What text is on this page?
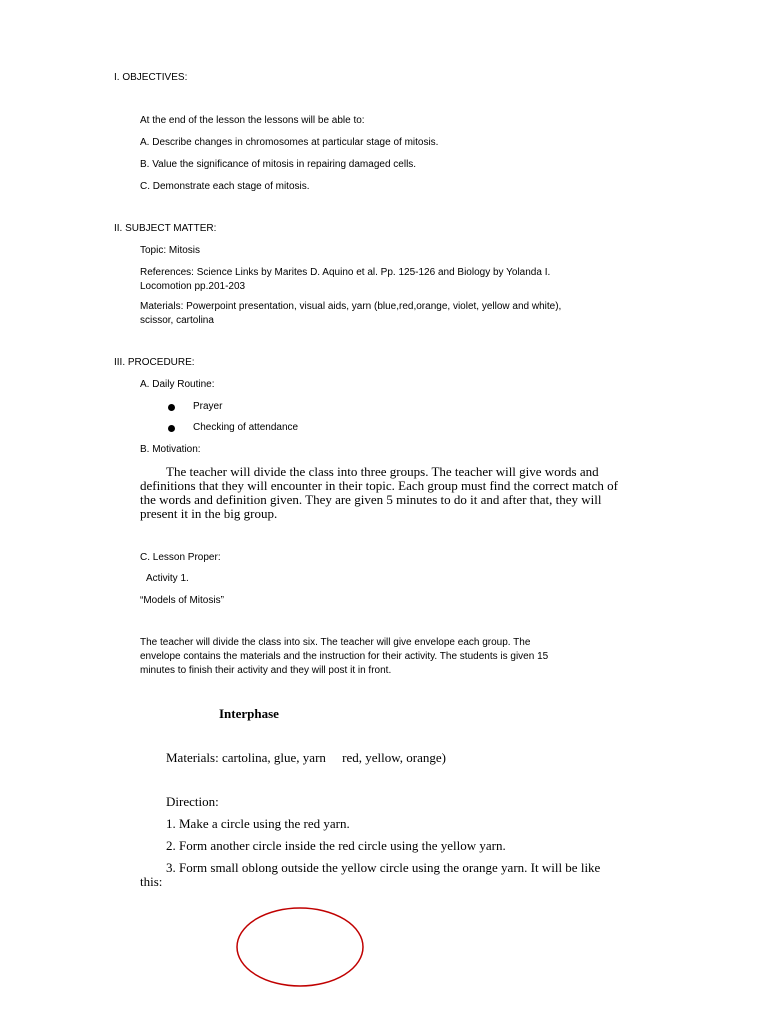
I. OBJECTIVES:
At the end of the lesson the lessons will be able to:
A. Describe changes in chromosomes at particular stage of mitosis.
B. Value the significance of mitosis in repairing damaged cells.
C. Demonstrate each stage of mitosis.
II. SUBJECT MATTER:
Topic: Mitosis
References: Science Links by Marites D. Aquino et al. Pp. 125-126 and Biology by Yolanda I.
Locomotion pp.201-203
Materials: Powerpoint presentation, visual aids, yarn (blue,red,orange, violet, yellow and white),
scissor, cartolina
III. PROCEDURE:
A. Daily Routine:
Prayer
Checking of attendance
B. Motivation:
The teacher will divide the class into three groups. The teacher will give words and
definitions that they will encounter in their topic. Each group must find the correct match of
the words and definition given. They are given 5 minutes to do it and after that, they will
present it in the big group.
C. Lesson Proper:
Activity 1.
“Models of Mitosis”
The teacher will divide the class into six. The teacher will give envelope each group. The
envelope contains the materials and the instruction for their activity. The students is given 15
minutes to finish their activity and they will post it in front.
Interphase
Materials: cartolina, glue, yarn     red, yellow, orange)
Direction:
1. Make a circle using the red yarn.
2. Form another circle inside the red circle using the yellow yarn.
3. Form small oblong outside the yellow circle using the orange yarn. It will be like
this:
